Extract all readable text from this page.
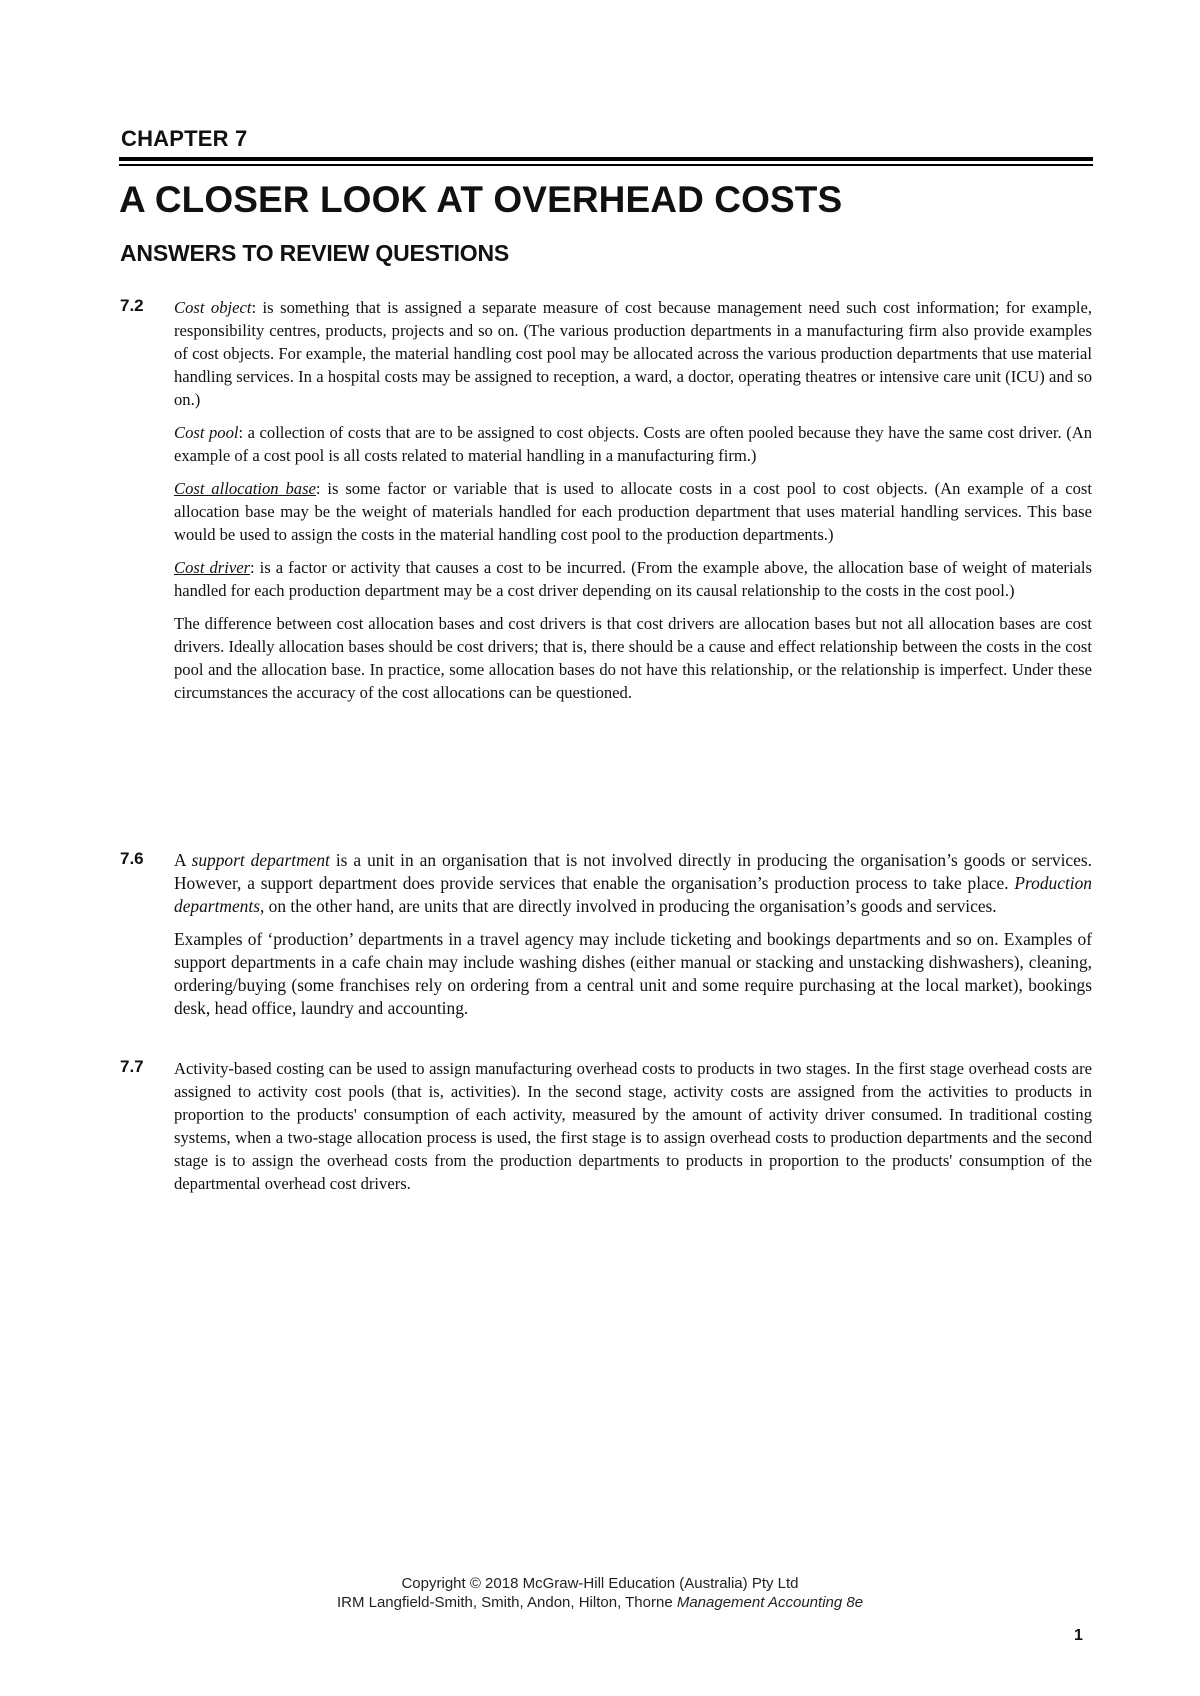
CHAPTER 7
A CLOSER LOOK AT OVERHEAD COSTS
ANSWERS TO REVIEW QUESTIONS
7.2 Cost object: is something that is assigned a separate measure of cost because management need such cost information; for example, responsibility centres, products, projects and so on. (The various production departments in a manufacturing firm also provide examples of cost objects. For example, the material handling cost pool may be allocated across the various production departments that use material handling services. In a hospital costs may be assigned to reception, a ward, a doctor, operating theatres or intensive care unit (ICU) and so on.)

Cost pool: a collection of costs that are to be assigned to cost objects. Costs are often pooled because they have the same cost driver. (An example of a cost pool is all costs related to material handling in a manufacturing firm.)

Cost allocation base: is some factor or variable that is used to allocate costs in a cost pool to cost objects. (An example of a cost allocation base may be the weight of materials handled for each production department that uses material handling services. This base would be used to assign the costs in the material handling cost pool to the production departments.)

Cost driver: is a factor or activity that causes a cost to be incurred. (From the example above, the allocation base of weight of materials handled for each production department may be a cost driver depending on its causal relationship to the costs in the cost pool.)

The difference between cost allocation bases and cost drivers is that cost drivers are allocation bases but not all allocation bases are cost drivers. Ideally allocation bases should be cost drivers; that is, there should be a cause and effect relationship between the costs in the cost pool and the allocation base. In practice, some allocation bases do not have this relationship, or the relationship is imperfect. Under these circumstances the accuracy of the cost allocations can be questioned.

7.6 A support department is a unit in an organisation that is not involved directly in producing the organisation’s goods or services. However, a support department does provide services that enable the organisation’s production process to take place. Production departments, on the other hand, are units that are directly involved in producing the organisation’s goods and services.

Examples of ‘production’ departments in a travel agency may include ticketing and bookings departments and so on. Examples of support departments in a cafe chain may include washing dishes (either manual or stacking and unstacking dishwashers), cleaning, ordering/buying (some franchises rely on ordering from a central unit and some require purchasing at the local market), bookings desk, head office, laundry and accounting.

7.7 Activity-based costing can be used to assign manufacturing overhead costs to products in two stages. In the first stage overhead costs are assigned to activity cost pools (that is, activities). In the second stage, activity costs are assigned from the activities to products in proportion to the products' consumption of each activity, measured by the amount of activity driver consumed. In traditional costing systems, when a two-stage allocation process is used, the first stage is to assign overhead costs to production departments and the second stage is to assign the overhead costs from the production departments to products in proportion to the products' consumption of the departmental overhead cost drivers.

Copyright © 2018 McGraw-Hill Education (Australia) Pty Ltd
IRM Langfield-Smith, Smith, Andon, Hilton, Thorne Management Accounting 8e
1
